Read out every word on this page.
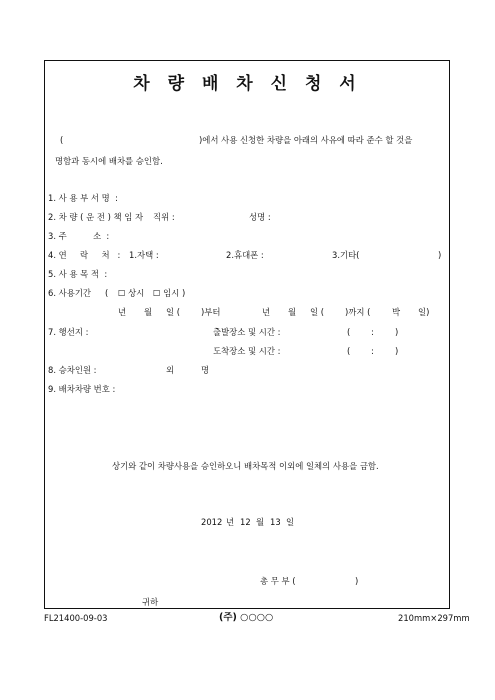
차 량 배 차 신 청 서
(	)에서 사용 신청한 차량을 아래의 사유에 따라 준수 할 것을
명함과 동시에 배차를 승인함.
1. 사 용 부 서 명  :
2. 차 량 ( 운 전 ) 책 임 자 직위 :	성명 :
3. 주	소  :
4. 연     락     처   : 1.자택 :	2.휴대폰 :	3.기타(	)
5. 사 용 목 적  :
6. 사용기간 ( ☐ 상시 ☐ 임시 )
년 월 일 ( )부터	년 월 일 ( )까지 (	박 일)
7. 행선지 :	출발장소 및 시간 :	( :	)
도착장소 및 시간 :	( :	)
8. 승차인원 :	외	명
9. 배차차량 번호 :
상기와 같이 차량사용을 승인하오니 배차목적 이외에 일체의 사용을 금함.
2012 년 12 월 13 일
총 무 부 (	)
귀하
FL21400-09-03	(주) ○○○○	210mm×297mm
